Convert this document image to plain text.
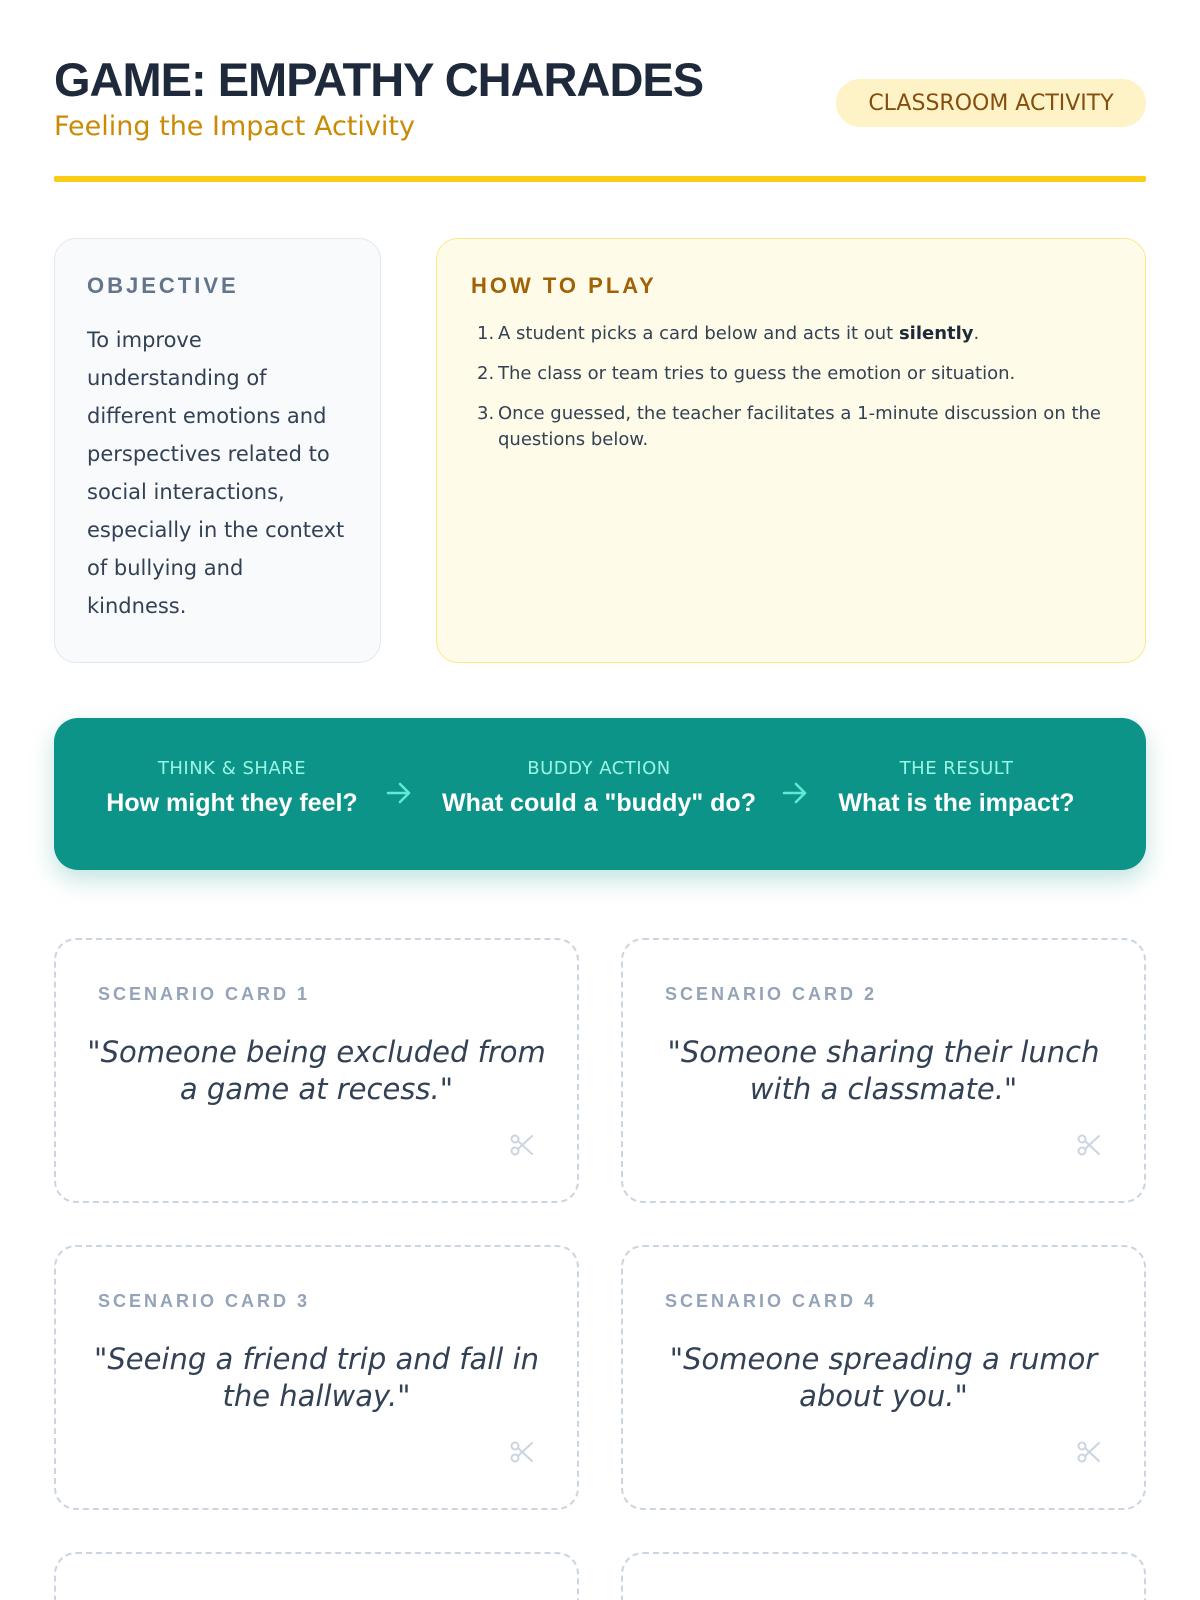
GAME: EMPATHY CHARADES
Feeling the Impact Activity
CLASSROOM ACTIVITY
OBJECTIVE
To improve understanding of different emotions and perspectives related to social interactions, especially in the context of bullying and kindness.
HOW TO PLAY
1. A student picks a card below and acts it out silently.
2. The class or team tries to guess the emotion or situation.
3. Once guessed, the teacher facilitates a 1-minute discussion on the questions below.
THINK & SHARE
How might they feel?
BUDDY ACTION
What could a "buddy" do?
THE RESULT
What is the impact?
SCENARIO CARD 1
"Someone being excluded from a game at recess."
SCENARIO CARD 2
"Someone sharing their lunch with a classmate."
SCENARIO CARD 3
"Seeing a friend trip and fall in the hallway."
SCENARIO CARD 4
"Someone spreading a rumor about you."
